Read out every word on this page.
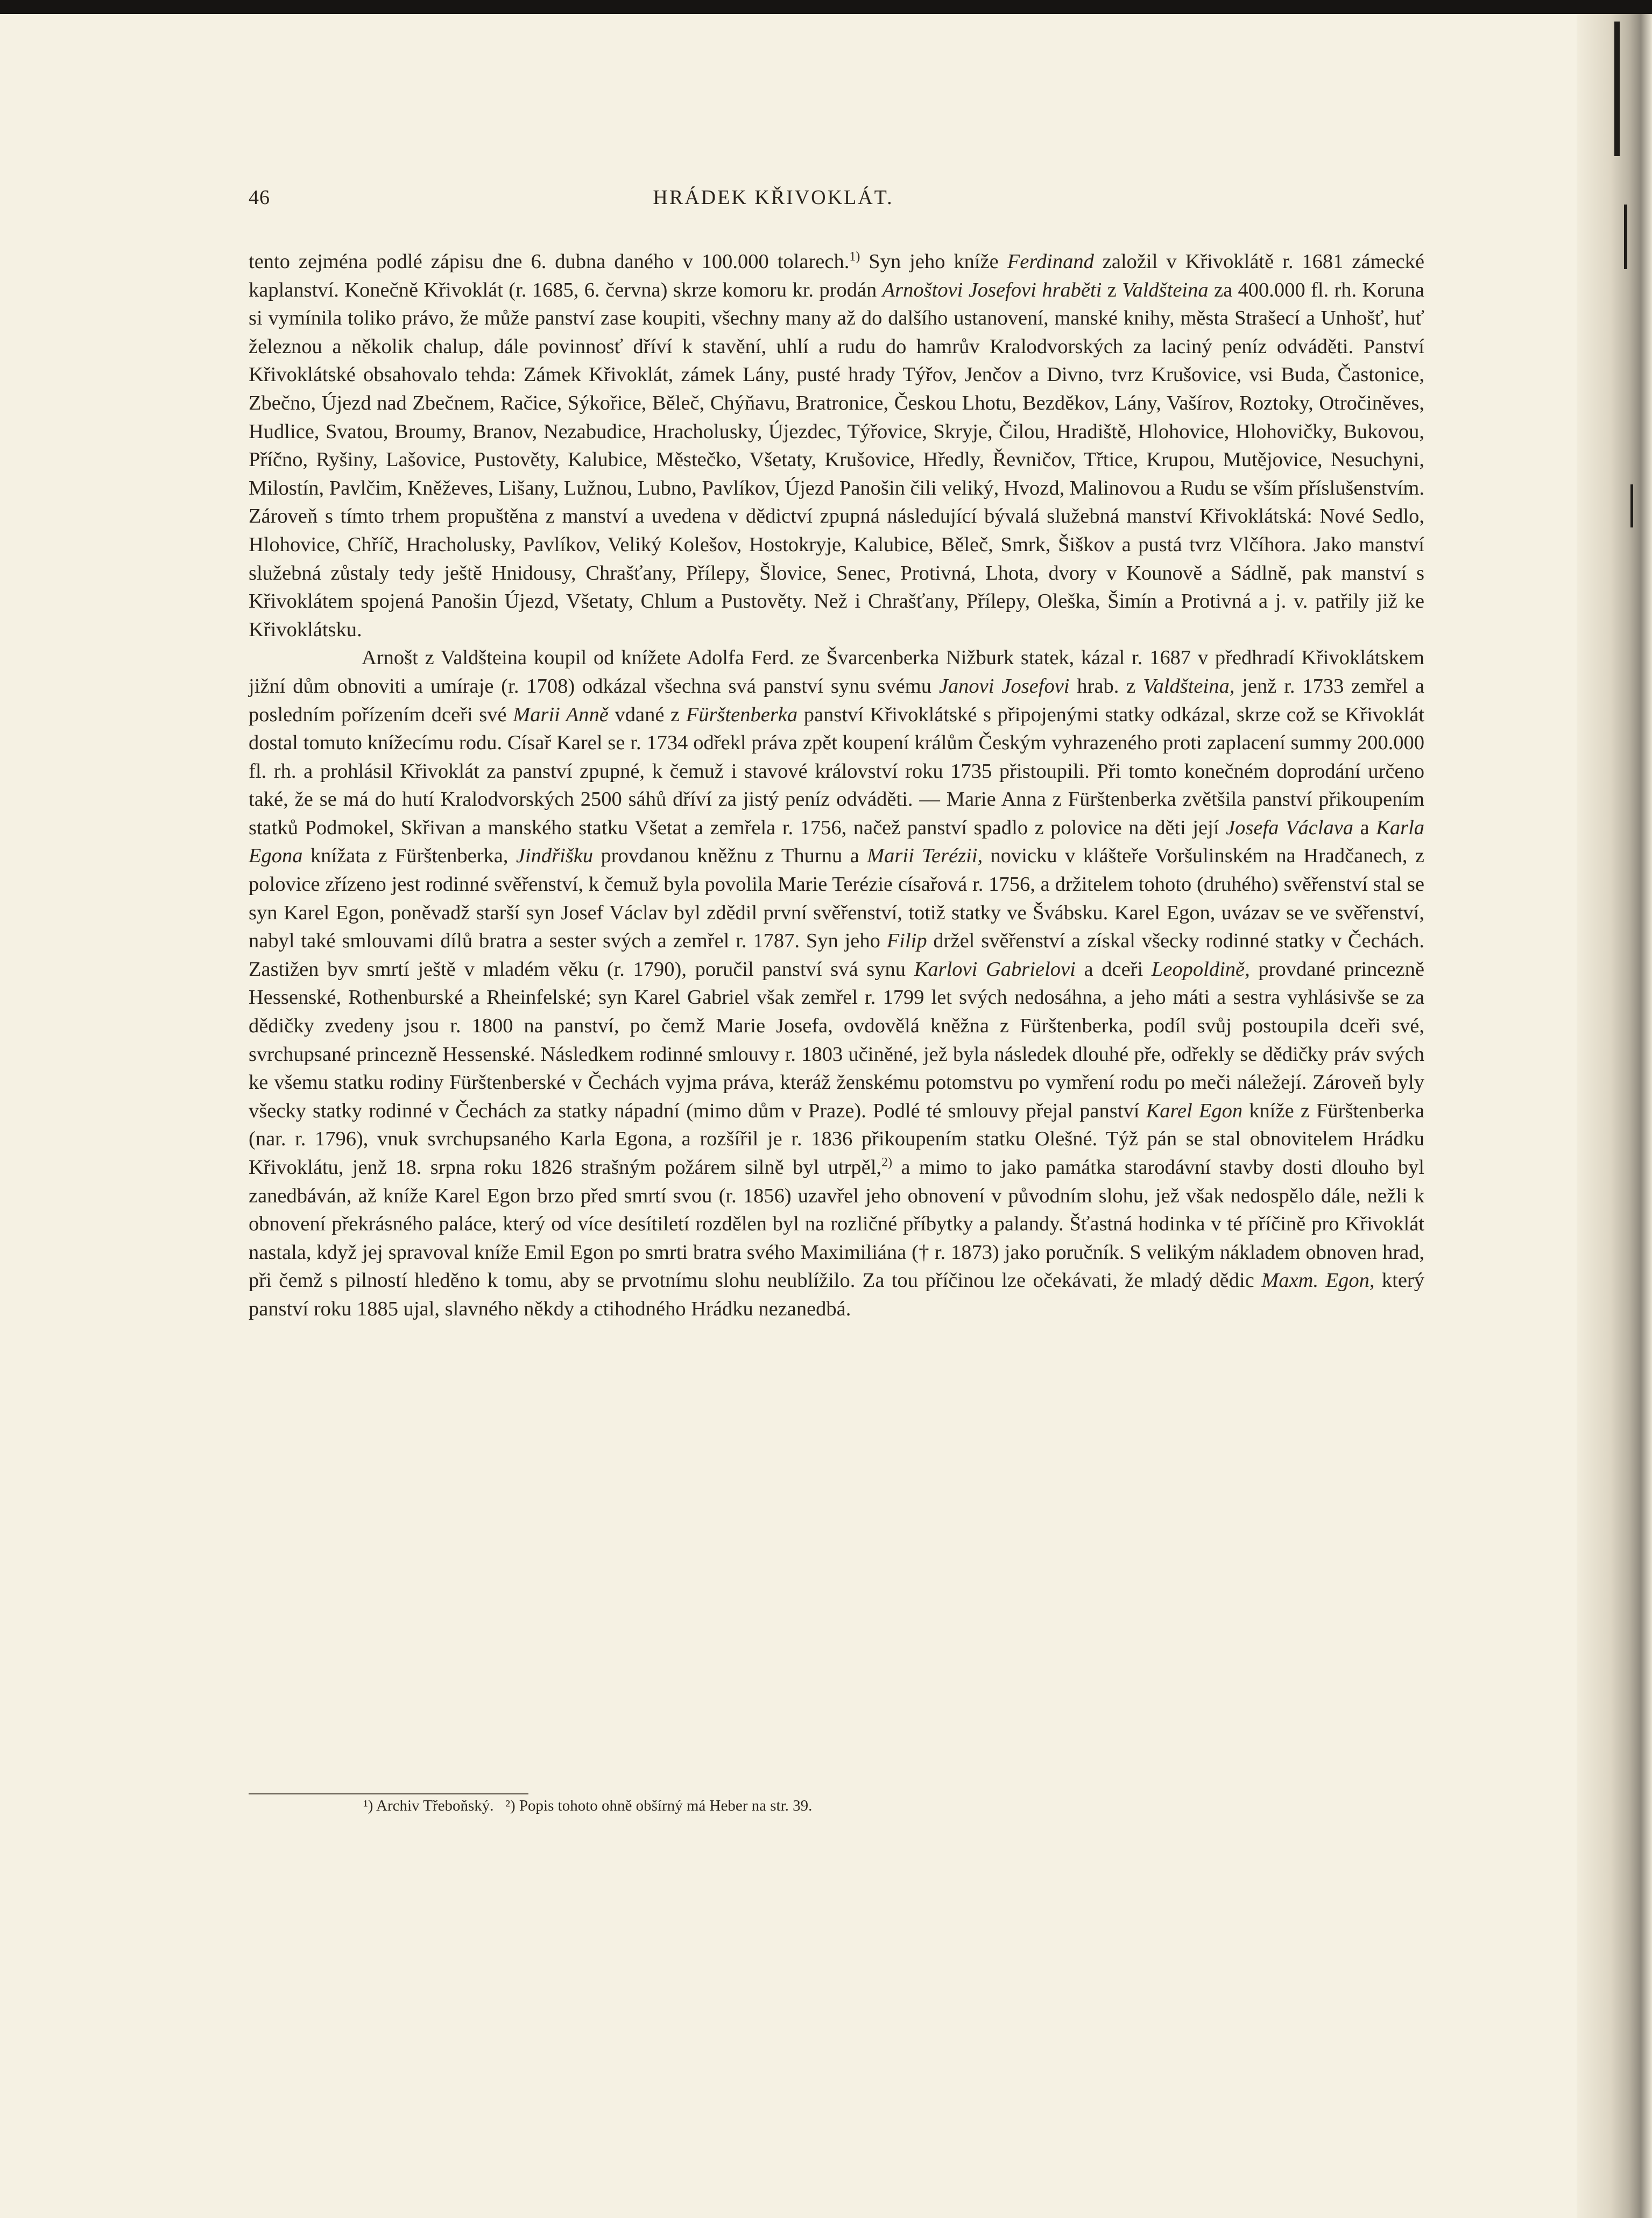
46	HRÁDEK KŘIVOKLÁT.

tento zejména podlé zápisu dne 6. dubna daného v 100.000 tolarech.$^{1)}$ Syn jeho kníže Ferdinand založil v Křivoklátě r. 1681 zámecké kaplanství. Konečně Křivoklát (r. 1685, 6. června) skrze komoru kr. prodán Arnoštovi Josefovi hraběti z Valdšteina za 400.000 fl. rh. Koruna si vymínila toliko právo, že může panství zase koupiti, všechny many až do dalšího ustanovení, manské knihy, města Strašecí a Unhošť, huť železnou a několik chalup, dále povinnosť dříví k stavění, uhlí a rudu do hamrův Kralodvorských za laciný peníz odváděti. Panství Křivoklátské obsahovalo tehda: Zámek Křivoklát, zámek Lány, pusté hrady Týřov, Jenčov a Divno, tvrz Krušovice, vsi Buda, Častonice, Zbečno, Újezd nad Zbečnem, Račice, Sýkořice, Běleč, Chýňavu, Bratronice, Českou Lhotu, Bezděkov, Lány, Vašírov, Roztoky, Otročiněves, Hudlice, Svatou, Broumy, Branov, Nezabudice, Hracholusky, Újezdec, Týřovice, Skryje, Čilou, Hradiště, Hlohovice, Hlohovičky, Bukovou, Příčno, Ryšiny, Lašovice, Pustověty, Kalubice, Městečko, Všetaty, Krušovice, Hředly, Řevničov, Třtice, Krupou, Mutějovice, Nesuchyni, Milostín, Pavlčim, Kněževes, Lišany, Lužnou, Lubno, Pavlíkov, Újezd Panošin čili veliký, Hvozd, Malinovou a Rudu se vším příslušenstvím. Zároveň s tímto trhem propuštěna z manství a uvedena v dědictví zpupná následující bývalá služebná manství Křivoklátská: Nové Sedlo, Hlohovice, Chříč, Hracholusky, Pavlíkov, Veliký Kolešov, Hostokryje, Kalubice, Běleč, Smrk, Šiškov a pustá tvrz Vlčíhora. Jako manství služebná zůstaly tedy ještě Hnidousy, Chrašťany, Přílepy, Šlovice, Senec, Protivná, Lhota, dvory v Kounově a Sádlně, pak manství s Křivoklátem spojená Panošin Újezd, Všetaty, Chlum a Pustověty. Než i Chrašťany, Přílepy, Oleška, Šimín a Protivná a j. v. patřily již ke Křivoklátsku.

Arnošt z Valdšteina koupil od knížete Adolfa Ferd. ze Švarcenberka Nižburk statek, kázal r. 1687 v předhradí Křivoklátskem jižní dům obnoviti a umíraje (r. 1708) odkázal všechna svá panství synu svému Janovi Josefovi hrab. z Valdšteina, jenž r. 1733 zemřel a posledním pořízením dceři své Marii Anně vdané z Fürštenberka panství Křivoklátské s připojenými statky odkázal, skrze což se Křivoklát dostal tomuto knížecímu rodu. Císař Karel se r. 1734 odřekl práva zpět koupení králům Českým vyhrazeného proti zaplacení summy 200.000 fl. rh. a prohlásil Křivoklát za panství zpupné, k čemuž i stavové království roku 1735 přistoupili. Při tomto konečném doprodání určeno také, že se má do hutí Kralodvorských 2500 sáhů dříví za jistý peníz odváděti. — Marie Anna z Fürštenberka zvětšila panství přikoupením statků Podmokel, Skřivan a manského statku Všetat a zemřela r. 1756, načež panství spadlo z polovice na děti její Josefa Václava a Karla Egona knížata z Fürštenberka, Jindřišku provdanou kněžnu z Thurnu a Marii Terézii, novicku v klášteře Voršulinském na Hradčanech, z polovice zřízeno jest rodinné svěřenství, k čemuž byla povolila Marie Terézie císařová r. 1756, a držitelem tohoto (druhého) svěřenství stal se syn Karel Egon, poněvadž starší syn Josef Václav byl zdědil první svěřenství, totiž statky ve Švábsku. Karel Egon, uvázav se ve svěřenství, nabyl také smlouvami dílů bratra a sester svých a zemřel r. 1787. Syn jeho Filip držel svěřenství a získal všecky rodinné statky v Čechách. Zastižen byv smrtí ještě v mladém věku (r. 1790), poručil panství svá synu Karlovi Gabrielovi a dceři Leopoldině, provdané princezně Hessenské, Rothenburské a Rheinfelské; syn Karel Gabriel však zemřel r. 1799 let svých nedosáhna, a jeho máti a sestra vyhlásivše se za dědičky zvedeny jsou r. 1800 na panství, po čemž Marie Josefa, ovdovělá kněžna z Fürštenberka, podíl svůj postoupila dceři své, svrchupsané princezně Hessenské. Následkem rodinné smlouvy r. 1803 učiněné, jež byla následek dlouhé pře, odřekly se dědičky práv svých ke všemu statku rodiny Fürštenberské v Čechách vyjma práva, kteráž ženskému potomstvu po vymření rodu po meči náležejí. Zároveň byly všecky statky rodinné v Čechách za statky nápadní (mimo dům v Praze). Podlé té smlouvy přejal panství Karel Egon kníže z Fürštenberka (nar. r. 1796), vnuk svrchupsaného Karla Egona, a rozšířil je r. 1836 přikoupením statku Olešné. Týž pán se stal obnovitelem Hrádku Křivoklátu, jenž 18. srpna roku 1826 strašným požárem silně byl utrpěl,$^{2)}$ a mimo to jako památka starodávní stavby dosti dlouho byl zanedbáván, až kníže Karel Egon brzo před smrtí svou (r. 1856) uzavřel jeho obnovení v původním slohu, jež však nedospělo dále, nežli k obnovení překrásného paláce, který od více desítiletí rozdělen byl na rozličné příbytky a palandy. Šťastná hodinka v té příčině pro Křivoklát nastala, když jej spravoval kníže Emil Egon po smrti bratra svého Maximiliána († r. 1873) jako poručník. S velikým nákladem obnoven hrad, při čemž s pilností hleděno k tomu, aby se prvotnímu slohu neublížilo. Za tou příčinou lze očekávati, že mladý dědic Maxm. Egon, který panství roku 1885 ujal, slavného někdy a ctihodného Hrádku nezanedbá.

¹) Archiv Třeboňský. ²) Popis tohoto ohně obšírný má Heber na str. 39.
